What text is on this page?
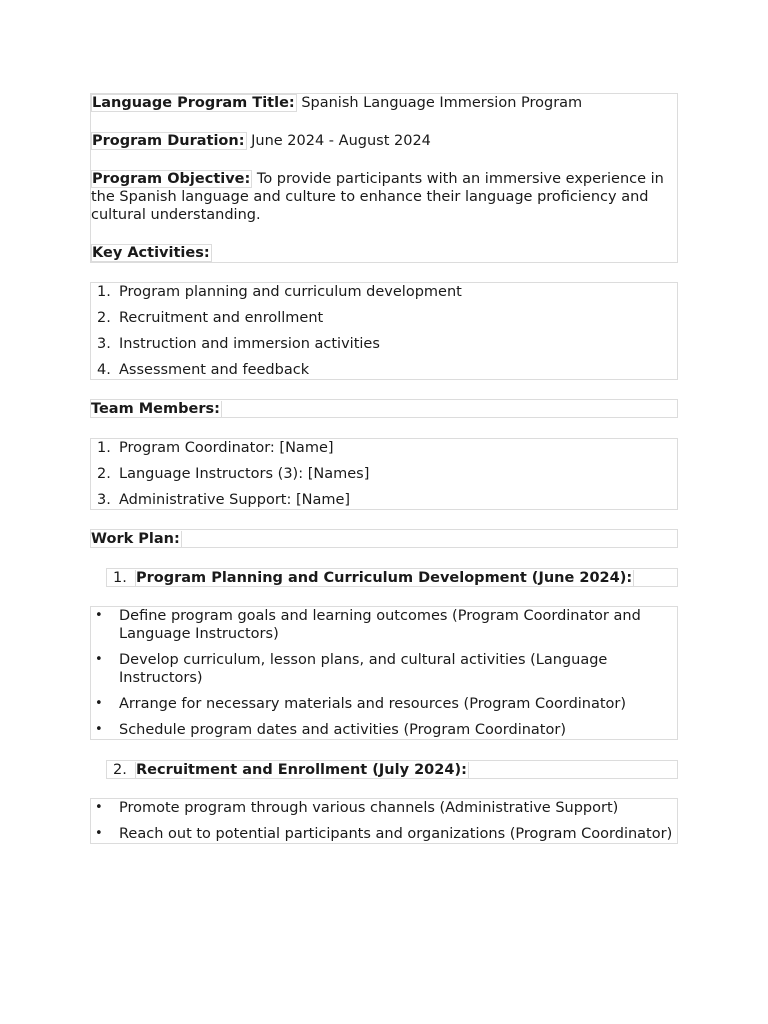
Language Program Title: Spanish Language Immersion Program

Program Duration: June 2024 - August 2024

Program Objective: To provide participants with an immersive experience in the Spanish language and culture to enhance their language proficiency and cultural understanding.

Key Activities:

1. Program planning and curriculum development
2. Recruitment and enrollment
3. Instruction and immersion activities
4. Assessment and feedback
Team Members:
1. Program Coordinator: [Name]
2. Language Instructors (3): [Names]
3. Administrative Support: [Name]
Work Plan:
1. Program Planning and Curriculum Development (June 2024):
• Define program goals and learning outcomes (Program Coordinator and Language Instructors)
• Develop curriculum, lesson plans, and cultural activities (Language Instructors)
• Arrange for necessary materials and resources (Program Coordinator)
• Schedule program dates and activities (Program Coordinator)
2. Recruitment and Enrollment (July 2024):
• Promote program through various channels (Administrative Support)
• Reach out to potential participants and organizations (Program Coordinator)
